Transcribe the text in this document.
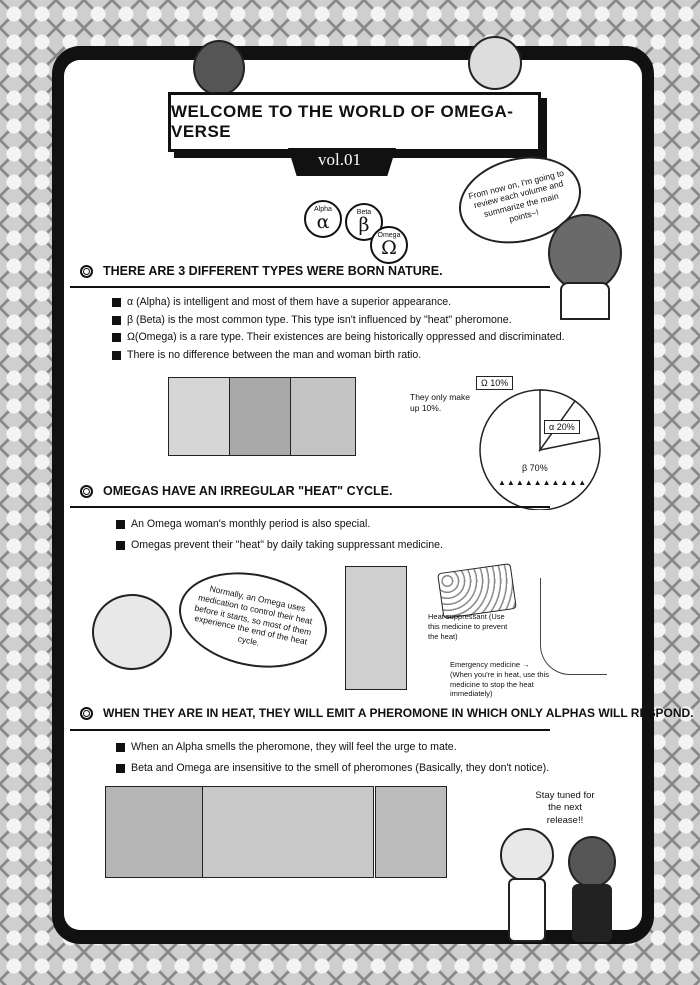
WELCOME TO THE WORLD OF OMEGA-VERSE
vol.01
Alpha
α	Beta
β Omega
Ω
From now on, I'm going to review each volume and summarize the main points~!
THERE ARE 3 DIFFERENT TYPES WERE BORN NATURE.
α (Alpha) is intelligent and most of them have a superior appearance.
β (Beta) is the most common type. This type isn't influenced by "heat" pheromone.
Ω(Omega) is a rare type. Their existences are being historically oppressed and discriminated.
There is no difference between the man and woman birth ratio.
Ω 10%
α 20%
β 70%
▲▲▲▲▲▲▲▲▲▲
They only make up 10%.
OMEGAS HAVE AN IRREGULAR "HEAT" CYCLE.
An Omega woman's monthly period is also special.
Omegas prevent their "heat" by daily taking suppressant medicine.
Normally, an Omega uses medication to control their heat before it starts, so most of them experience the end of the heat cycle.
Heat suppressant (Use this medicine to prevent the heat)
Emergency medicine → (When you're in heat, use this medicine to stop the heat immediately)
WHEN THEY ARE IN HEAT, THEY WILL EMIT A PHEROMONE IN WHICH ONLY ALPHAS WILL RESPOND.
When an Alpha smells the pheromone, they will feel the urge to mate.
Beta and Omega are insensitive to the smell of pheromones (Basically, they don't notice).
Stay tuned for the next release!!
